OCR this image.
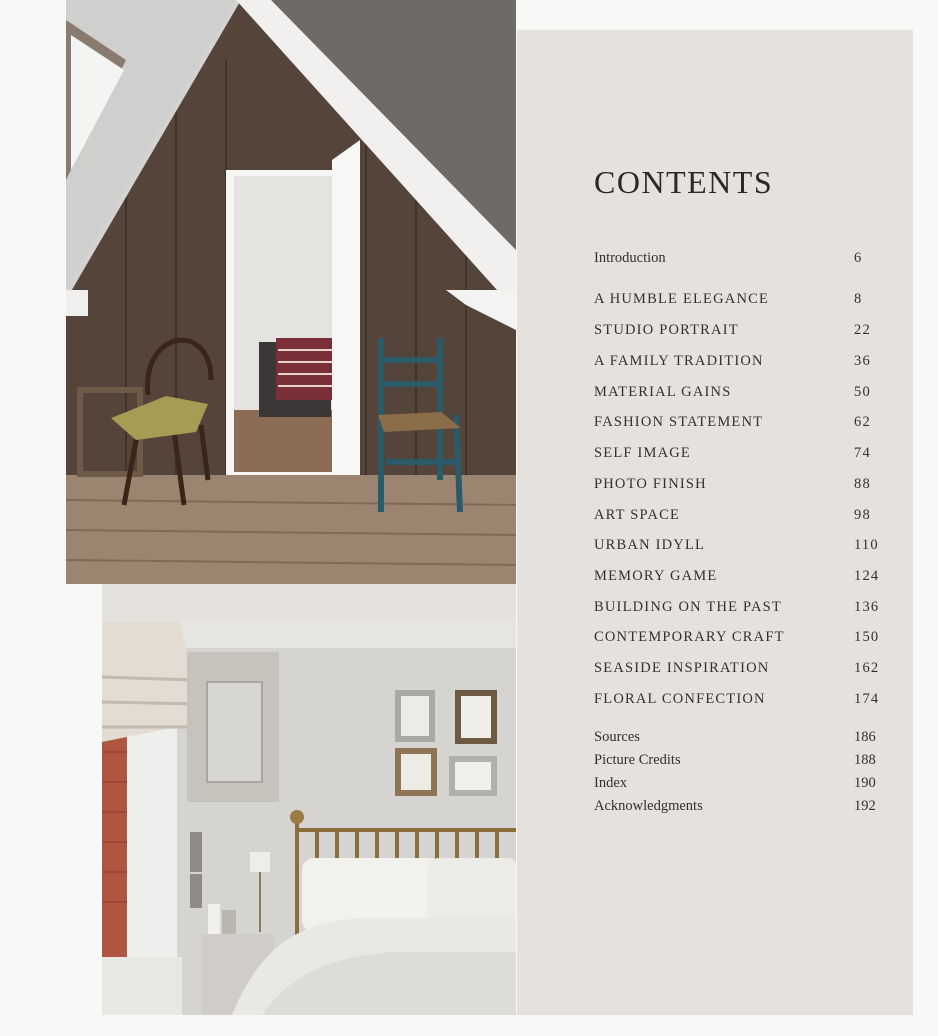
CONTENTS
Introduction	6
A HUMBLE ELEGANCE	8
STUDIO PORTRAIT	22
A FAMILY TRADITION	36
MATERIAL GAINS	50
FASHION STATEMENT	62
SELF IMAGE	74
PHOTO FINISH	88
ART SPACE	98
URBAN IDYLL	110
MEMORY GAME	124
BUILDING ON THE PAST	136
CONTEMPORARY CRAFT	150
SEASIDE INSPIRATION	162
FLORAL CONFECTION	174
Sources	186
Picture Credits	188
Index	190
Acknowledgments	192
